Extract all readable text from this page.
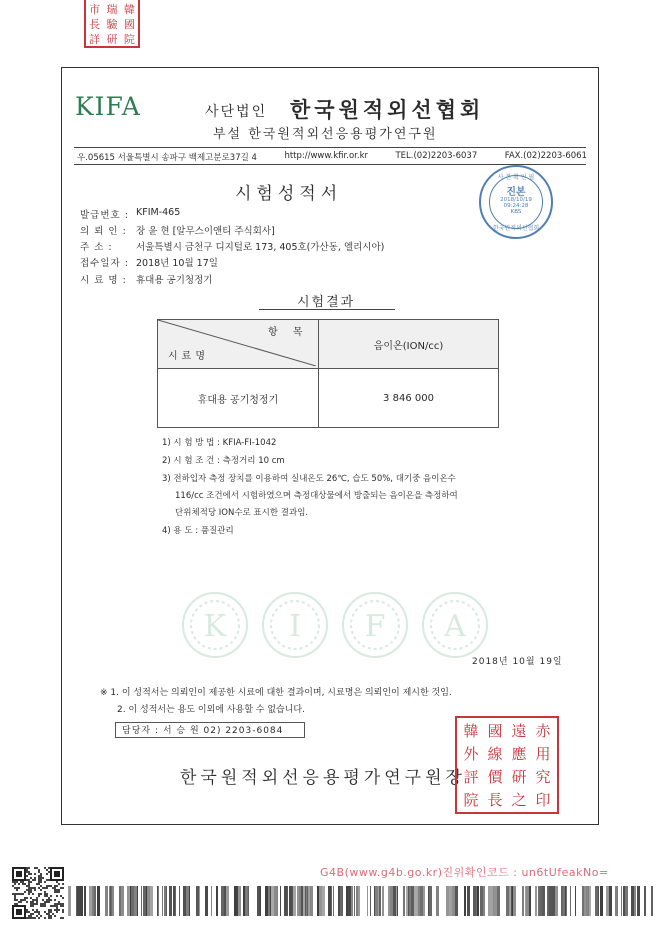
市 瑞 韓
長 驗 國
詳 研 院
KIFA	사단법인 한국원적외선협회
부설 한국원적외선응용평가연구원
우.05615 서울특별시 송파구 백제고분로37길 4	http://www.kfir.or.kr	TEL.(02)2203-6037	FAX.(02)2203-6061
시험성적서
사 본 확 인 필
진본
2018/10/19
09:24:28
KBS
한국원적외선협회
발급번호 : KFIM-465
의 뢰 인 : 장 윤 현 [알무스이앤티 주식회사]
주 소 :	서울특별시 금천구 디지털로 173, 405호(가산동, 엘리시아)
접수일자 : 2018년 10월 17일
시 료 명 : 휴대용 공기청정기
시험결과
항 목
시료명	음이온(ION/cc)
휴대용 공기청정기	3 846 000
1) 시 험 방 법 : KFIA-FI-1042
2) 시 험 조 건 : 측정거리 10 cm
3) 전하입자 측정 장치를 이용하여 실내온도 26℃, 습도 50%, 대기중 음이온수
116/cc 조건에서 시험하였으며 측정대상물에서 방출되는 음이온을 측정하여
단위체적당 ION수로 표시한 결과임.
4) 용 도 : 품질관리
K I F A
2018년 10월 19일
※ 1. 이 성적서는 의뢰인이 제공한 시료에 대한 결과이며, 시료명은 의뢰인이 제시한 것임.
2. 이 성적서는 용도 이외에 사용할 수 없습니다.
담당자 : 서 승 원 02) 2203-6084
한국원적외선응용평가연구원장
韓 國 遠 赤
外 線 應 用
評 價 硏 究
院 長 之 印
G4B(www.g4b.go.kr)진위확인코드 : un6tUfeakNo=
